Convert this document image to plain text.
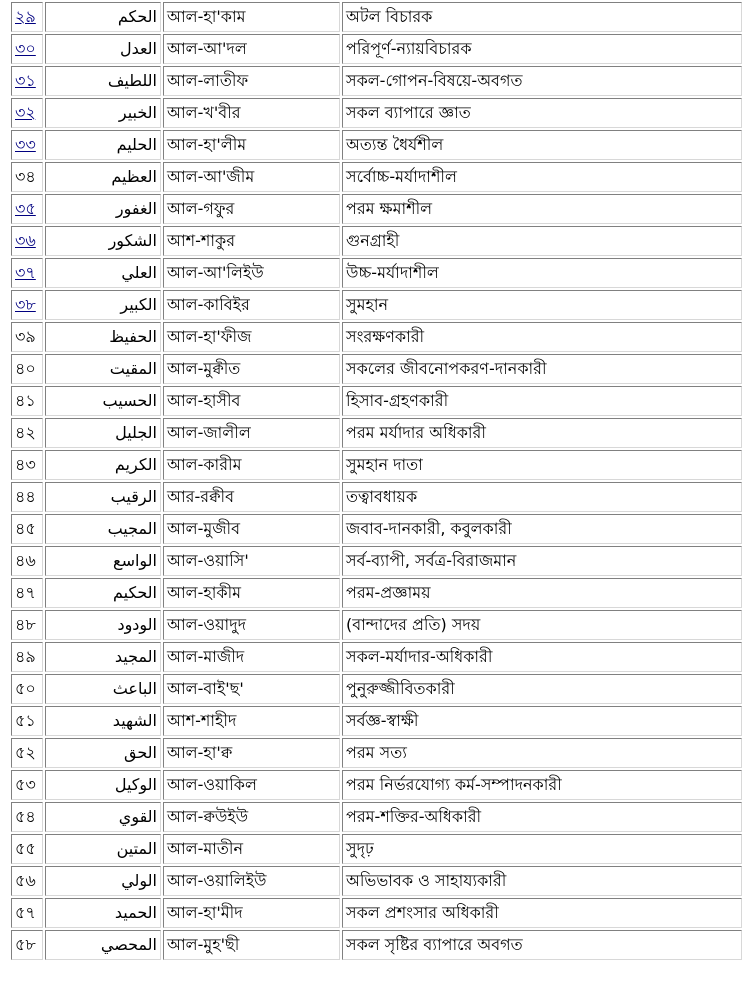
২৯	الحكم	আল-হা'কাম	অটল বিচারক
৩০	العدل	আল-আ'দল	পরিপূর্ণ-ন্যায়বিচারক
৩১	اللطيف	আল-লাতীফ	সকল-গোপন-বিষয়ে-অবগত
৩২	الخبير	আল-খ'বীর	সকল ব্যাপারে জ্ঞাত
৩৩	الحليم	আল-হা'লীম	অত্যন্ত ধৈর্যশীল
৩৪	العظيم	আল-আ'জীম	সর্বোচ্চ-মর্যাদাশীল
৩৫	الغفور	আল-গফুর	পরম ক্ষমাশীল
৩৬	الشكور	আশ-শাকুর	গুনগ্রাহী
৩৭	العلي	আল-আ'লিইউ	উচ্চ-মর্যাদাশীল
৩৮	الكبير	আল-কাবিইর	সুমহান
৩৯	الحفيظ	আল-হা'ফীজ	সংরক্ষণকারী
৪০	المقيت	আল-মুক্বীত	সকলের জীবনোপকরণ-দানকারী
৪১	الحسيب	আল-হাসীব	হিসাব-গ্রহণকারী
৪২	الجليل	আল-জালীল	পরম মর্যাদার অধিকারী
৪৩	الكريم	আল-কারীম	সুমহান দাতা
৪৪	الرقيب	আর-রক্বীব	তত্বাবধায়ক
৪৫	المجيب	আল-মুজীব	জবাব-দানকারী, কবুলকারী
৪৬	الواسع	আল-ওয়াসি'	সর্ব-ব্যাপী, সর্বত্র-বিরাজমান
৪৭	الحكيم	আল-হাকীম	পরম-প্রজ্ঞাময়
৪৮	الودود	আল-ওয়াদুদ	(বান্দাদের প্রতি) সদয়
৪৯	المجيد	আল-মাজীদ	সকল-মর্যাদার-অধিকারী
৫০	الباعث	আল-বাই'ছ'	পুনুরুজ্জীবিতকারী
৫১	الشهيد	আশ-শাহীদ	সর্বজ্ঞ-স্বাক্ষী
৫২	الحق	আল-হা'ক্ব	পরম সত্য
৫৩	الوكيل	আল-ওয়াকিল	পরম নির্ভরযোগ্য কর্ম-সম্পাদনকারী
৫৪	القوي	আল-ক্বউইউ	পরম-শক্তির-অধিকারী
৫৫	المتين	আল-মাতীন	সুদৃঢ়
৫৬	الولي	আল-ওয়ালিইউ	অভিভাবক ও সাহায্যকারী
৫৭	الحميد	আল-হা'মীদ	সকল প্রশংসার অধিকারী
৫৮	المحصي	আল-মুহ'ছী	সকল সৃষ্টির ব্যাপারে অবগত
